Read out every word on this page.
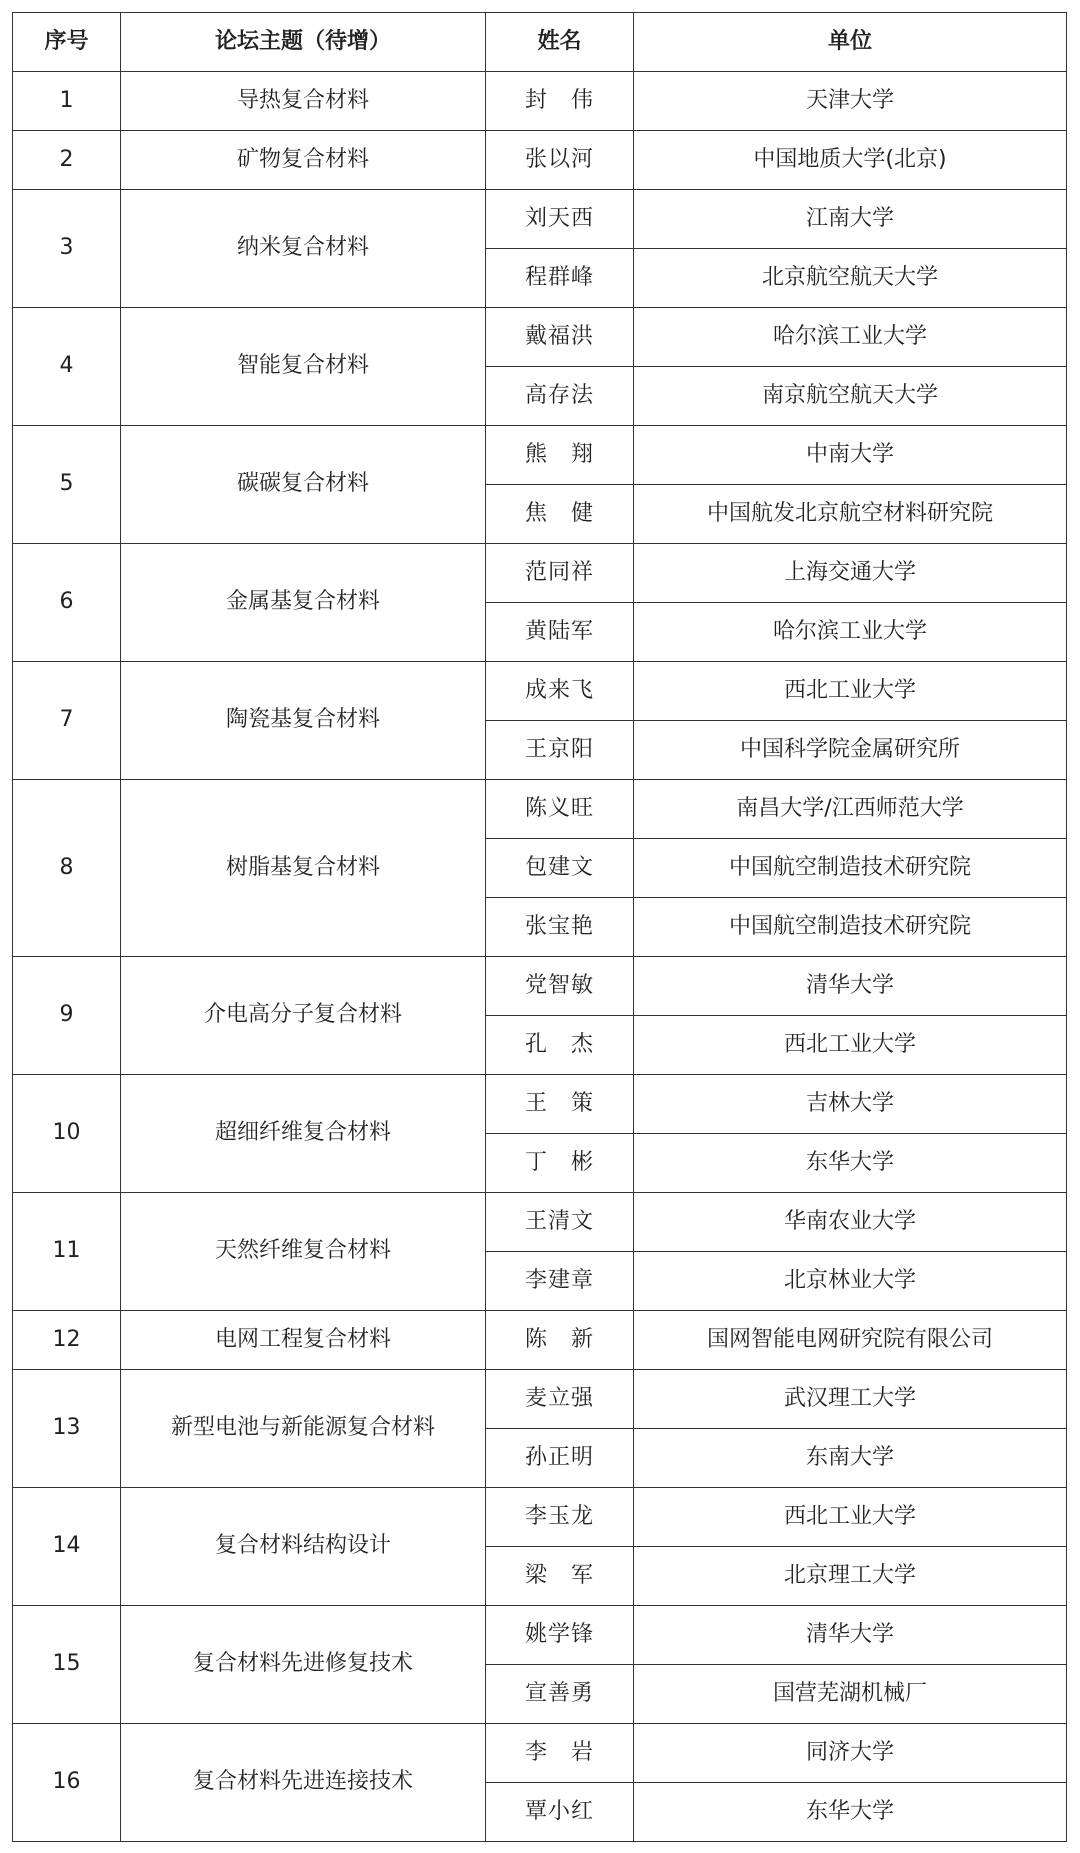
序号	论坛主题（待增）	姓名	单位
1	导热复合材料	封　伟	天津大学
2	矿物复合材料	张以河	中国地质大学(北京)
3	纳米复合材料	刘天西	江南大学
		程群峰	北京航空航天大学
4	智能复合材料	戴福洪	哈尔滨工业大学
		高存法	南京航空航天大学
5	碳碳复合材料	熊　翔	中南大学
		焦　健	中国航发北京航空材料研究院
6	金属基复合材料	范同祥	上海交通大学
		黄陆军	哈尔滨工业大学
7	陶瓷基复合材料	成来飞	西北工业大学
		王京阳	中国科学院金属研究所
8	树脂基复合材料	陈义旺	南昌大学/江西师范大学
		包建文	中国航空制造技术研究院
		张宝艳	中国航空制造技术研究院
9	介电高分子复合材料	党智敏	清华大学
		孔　杰	西北工业大学
10	超细纤维复合材料	王　策	吉林大学
		丁　彬	东华大学
11	天然纤维复合材料	王清文	华南农业大学
		李建章	北京林业大学
12	电网工程复合材料	陈　新	国网智能电网研究院有限公司
13	新型电池与新能源复合材料	麦立强	武汉理工大学
		孙正明	东南大学
14	复合材料结构设计	李玉龙	西北工业大学
		梁　军	北京理工大学
15	复合材料先进修复技术	姚学锋	清华大学
		宣善勇	国营芜湖机械厂
16	复合材料先进连接技术	李　岩	同济大学
		覃小红	东华大学
